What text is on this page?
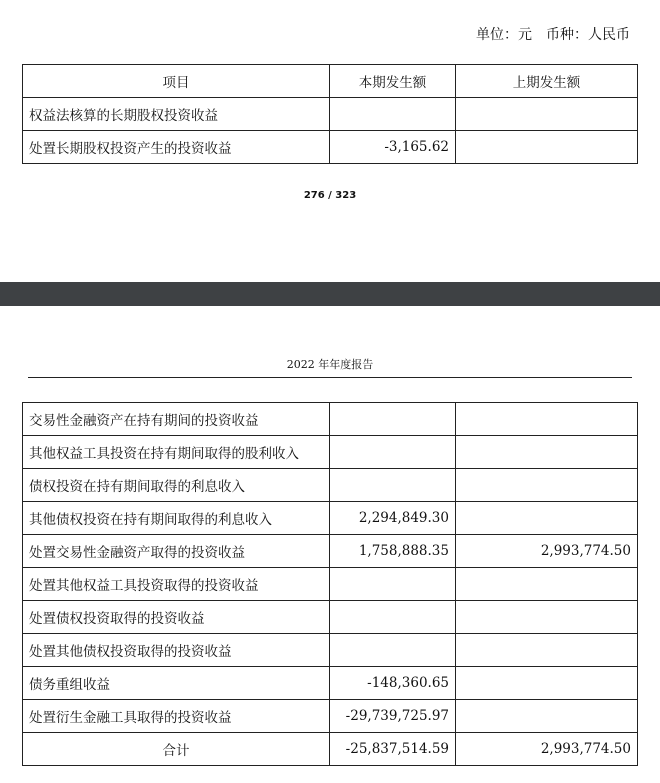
单位：元　币种：人民币
项目	本期发生额	上期发生额
权益法核算的长期股权投资收益		
处置长期股权投资产生的投资收益	-3,165.62	
276 / 323
2022 年年度报告
交易性金融资产在持有期间的投资收益		
其他权益工具投资在持有期间取得的股利收入		
债权投资在持有期间取得的利息收入		
其他债权投资在持有期间取得的利息收入	2,294,849.30	
处置交易性金融资产取得的投资收益	1,758,888.35	2,993,774.50
处置其他权益工具投资取得的投资收益		
处置债权投资取得的投资收益		
处置其他债权投资取得的投资收益		
债务重组收益	-148,360.65	
处置衍生金融工具取得的投资收益	-29,739,725.97	
合计	-25,837,514.59	2,993,774.50
